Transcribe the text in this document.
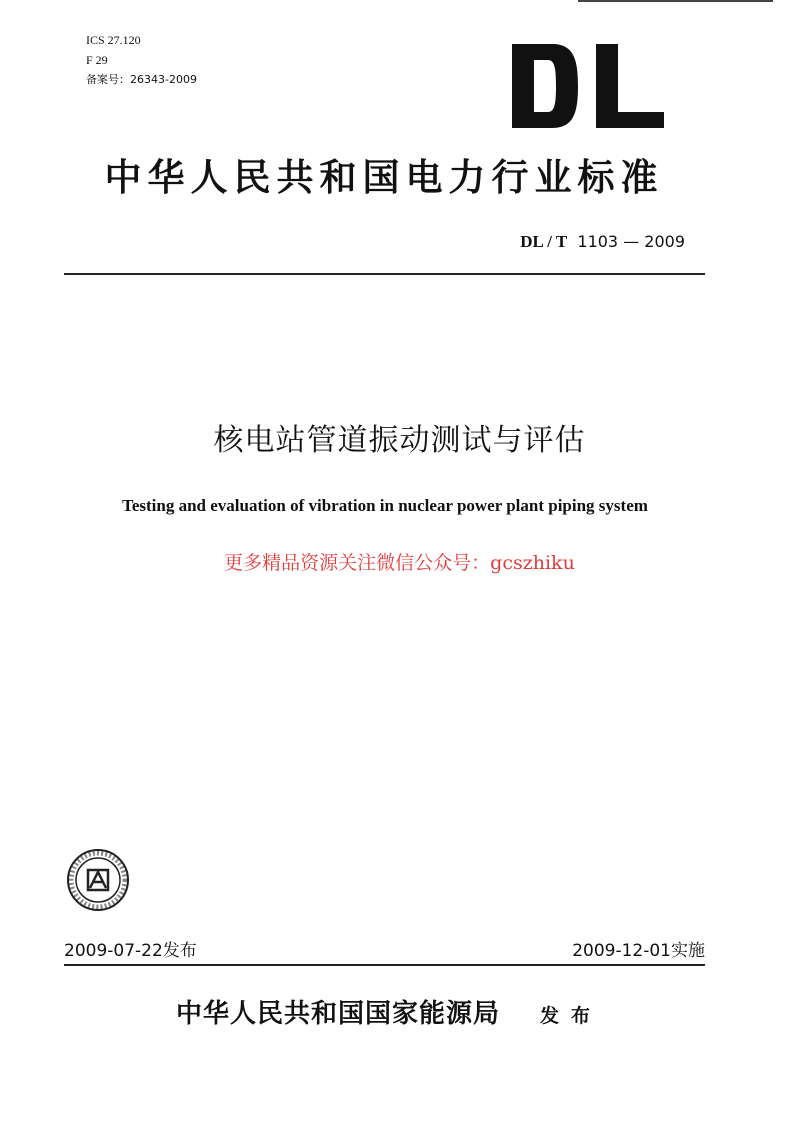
ICS 27.120
F 29
备案号：26343-2009
中华人民共和国电力行业标准
DL / T 1103 — 2009
核电站管道振动测试与评估
Testing and evaluation of vibration in nuclear power plant piping system
更多精品资源关注微信公众号：gcszhiku
2009-07-22发布	2009-12-01实施
中华人民共和国国家能源局 发布
